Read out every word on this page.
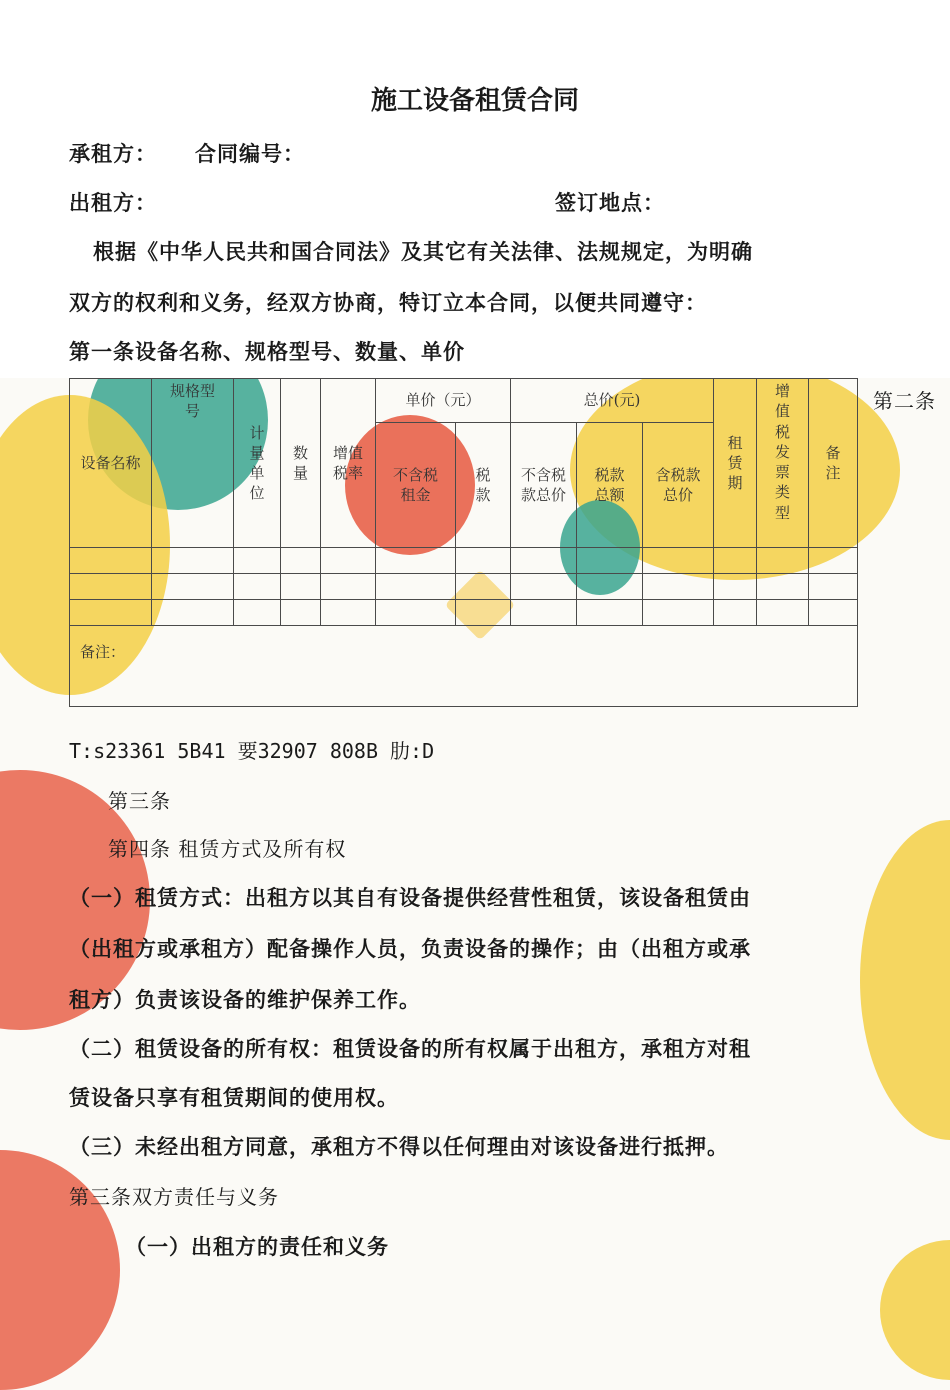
施工设备租赁合同
承租方： 合同编号：
出租方：	签订地点：
根据《中华人民共和国合同法》及其它有关法律、法规规定，为明确
双方的权利和义务，经双方协商，特订立本合同，以便共同遵守：
第一条设备名称、规格型号、数量、单价
第二条
设备名称	规格型号	计量单位	数量	增值税率	单价（元）		总价(元)			租赁期	增值税发票类型	备注
					不含税租金	税款	不含税款总价	税款总额	含税款总价			

备注：												
T:s23361 5B41 要32907 808B 肋:D
第三条
第四条 租赁方式及所有权
（一）租赁方式：出租方以其自有设备提供经营性租赁，该设备租赁由
（出租方或承租方）配备操作人员，负责设备的操作；由（出租方或承
租方）负责该设备的维护保养工作。
（二）租赁设备的所有权：租赁设备的所有权属于出租方，承租方对租
赁设备只享有租赁期间的使用权。
（三）未经出租方同意，承租方不得以任何理由对该设备进行抵押。
第三条双方责任与义务
（一）出租方的责任和义务
